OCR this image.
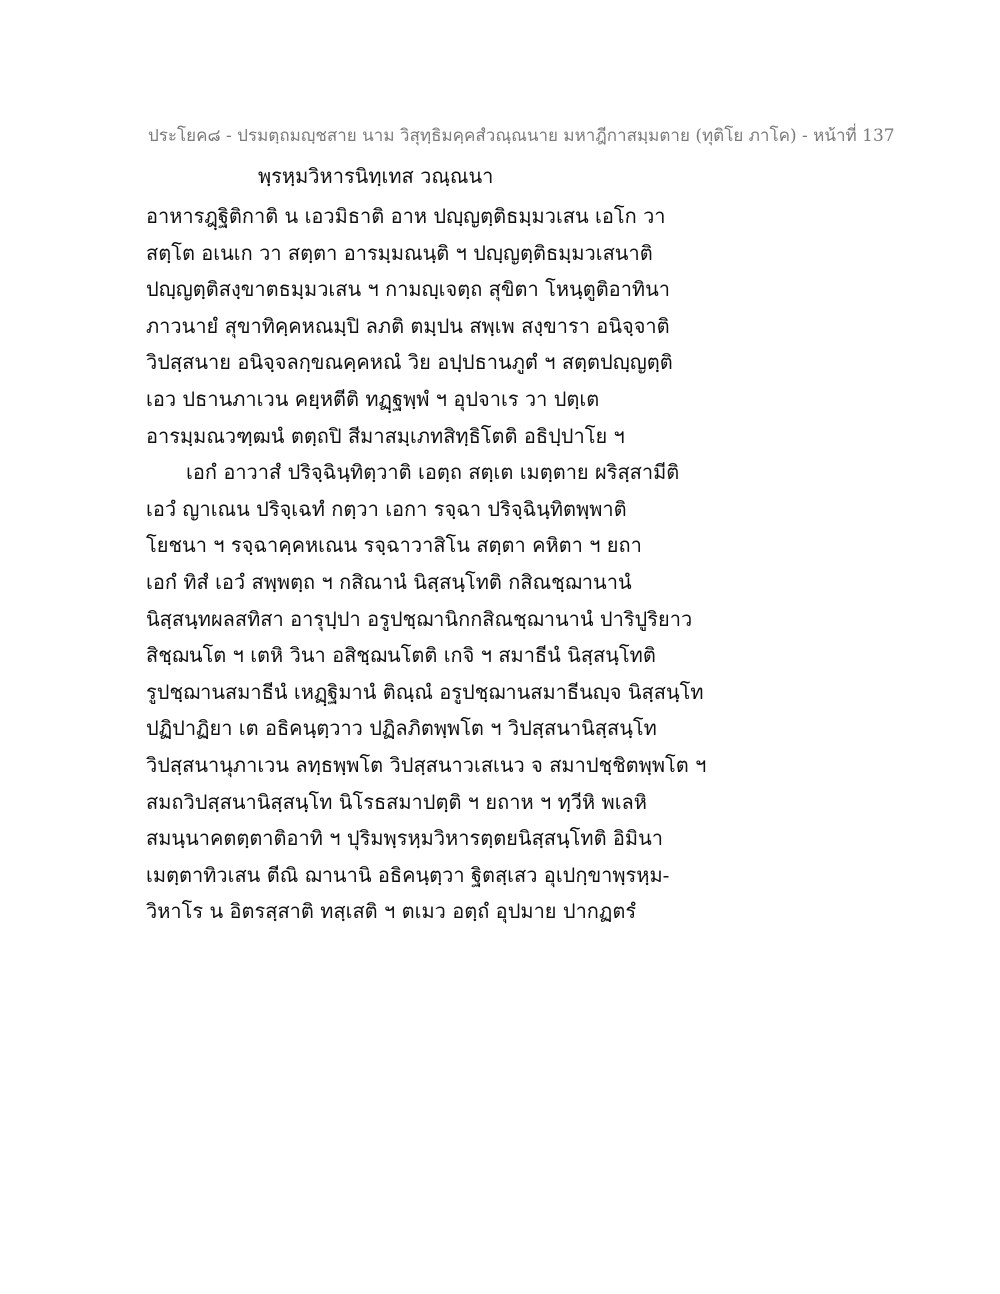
ประโยค๘ - ปรมตฺถมญฺชสาย นาม วิสุทฺธิมคฺคสํวณฺณนาย มหาฎีกาสมฺมตาย (ทุติโย ภาโค) - หน้าที่ 137
พฺรหฺมวิหารนิทฺเทส วณฺณนา
อาหารฎฺฐิติกาติ น เอวมิธาติ อาห ปญฺญตฺติธมฺมวเสน เอโก วา
สตฺโต อเนเก วา สตฺตา อารมฺมณนฺติ ฯ ปญฺญตฺติธมฺมวเสนาติ
ปญฺญตฺติสงฺขาตธมฺมวเสน ฯ กามญฺเจตฺถ สุขิตา โหนฺตูติอาทินา
ภาวนายํ สุขาทิคฺคหณมฺปิ ลภติ ตมฺปน สพฺเพ สงฺขารา อนิจฺจาติ
วิปสฺสนาย อนิจฺจลกฺขณคฺคหณํ วิย อปฺปธานภูตํ ฯ สตฺตปญฺญตฺติ
เอว ปธานภาเวน คยฺหตีติ ทฏฺฐพฺพํ ฯ อุปจาเร วา ปตฺเต
อารมฺมณวฑฺฒนํ ตตฺถปิ สีมาสมฺเภทสิทฺธิโตติ อธิปฺปาโย ฯ
เอกํ อาวาสํ ปริจฺฉินฺทิตฺวาติ เอตฺถ สตฺเต เมตฺตาย ผริสฺสามีติ
เอวํ ญาเณน ปริจฺเฉทํ กตฺวา เอกา รจฺฉา ปริจฺฉินฺทิตพฺพาติ
โยชนา ฯ รจฺฉาคฺคหเณน รจฺฉาวาสิโน สตฺตา คหิตา ฯ ยถา
เอกํ ทิสํ เอวํ สพฺพตฺถ ฯ กสิณานํ นิสฺสนฺโทติ กสิณชฺฌานานํ
นิสฺสนฺทผลสทิสา อารุปฺปา อรูปชฺฌานิกกสิณชฺฌานานํ ปาริปูริยาว
สิชฺฌนโต ฯ เตหิ วินา อสิชฺฌนโตติ เกจิ ฯ สมาธีนํ นิสฺสนฺโทติ
รูปชฺฌานสมาธีนํ เหฏฺฐิมานํ ติณฺณํ อรูปชฺฌานสมาธีนญฺจ นิสฺสนฺโท
ปฏิปาฏิยา เต อธิคนฺตฺวาว ปฏิลภิตพฺพโต ฯ วิปสฺสนานิสฺสนฺโท
วิปสฺสนานุภาเวน ลทฺธพฺพโต วิปสฺสนาวเสเนว จ สมาปชฺชิตพฺพโต ฯ
สมถวิปสฺสนานิสฺสนฺโท นิโรธสมาปตฺติ ฯ ยถาห ฯ ทฺวีหิ พเลหิ
สมนฺนาคตตฺตาติอาทิ ฯ ปุริมพฺรหฺมวิหารตฺตยนิสฺสนฺโทติ อิมินา
เมตฺตาทิวเสน ตีณิ ฌานานิ อธิคนฺตฺวา ฐิตสฺเสว อุเปกฺขาพฺรหฺม-
วิหาโร น อิตรสฺสาติ ทสฺเสติ ฯ ตเมว อตฺถํ อุปมาย ปากฏตรํ
